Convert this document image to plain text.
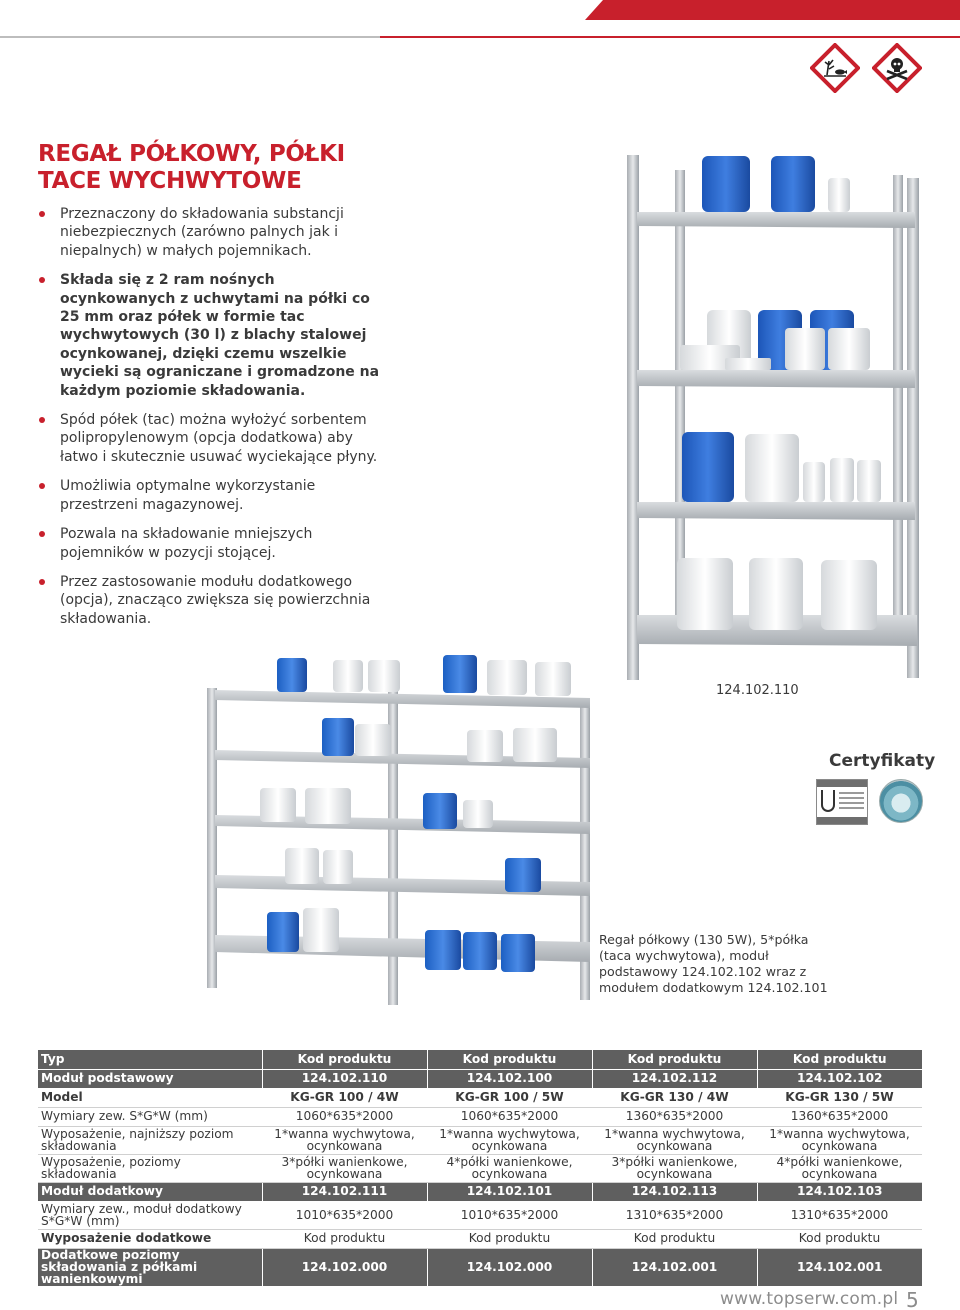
REGAŁ PÓŁKOWY, PÓŁKI
TACE WYCHWYTOWE
Przeznaczony do składowania substancji niebezpiecznych (zarówno palnych jak i niepalnych) w małych pojemnikach.
Składa się z 2 ram nośnych ocynkowanych z uchwytami na półki co 25 mm oraz półek w formie tac wychwytowych (30 l) z blachy stalowej ocynkowanej, dzięki czemu wszelkie wycieki są ograniczane i gromadzone na każdym poziomie składowania.
Spód półek (tac) można wyłożyć sorbentem polipropylenowym (opcja dodatkowa) aby łatwo i skutecznie usuwać wyciekające płyny.
Umożliwia optymalne wykorzystanie przestrzeni magazynowej.
Pozwala na składowanie mniejszych pojemników w pozycji stojącej.
Przez zastosowanie modułu dodatkowego (opcja), znacząco zwiększa się powierzchnia składowania.
124.102.110
Certyfikaty
Regał półkowy (130 5W), 5*półka (taca wychwytowa), moduł podstawowy 124.102.102 wraz z modułem dodatkowym 124.102.101
Typ	Kod produktu	Kod produktu	Kod produktu	Kod produktu
Moduł podstawowy	124.102.110	124.102.100	124.102.112	124.102.102
Model	KG-GR 100 / 4W	KG-GR 100 / 5W	KG-GR 130 / 4W	KG-GR 130 / 5W
Wymiary zew. S*G*W (mm)	1060*635*2000	1060*635*2000	1360*635*2000	1360*635*2000
Wyposażenie, najniższy poziom składowania	1*wanna wychwytowa, ocynkowana	1*wanna wychwytowa, ocynkowana	1*wanna wychwytowa, ocynkowana	1*wanna wychwytowa, ocynkowana
Wyposażenie, poziomy składowania	3*półki wanienkowe, ocynkowana	4*półki wanienkowe, ocynkowana	3*półki wanienkowe, ocynkowana	4*półki wanienkowe, ocynkowana
Moduł dodatkowy	124.102.111	124.102.101	124.102.113	124.102.103
Wymiary zew., moduł dodatkowy S*G*W (mm)	1010*635*2000	1010*635*2000	1310*635*2000	1310*635*2000
Wyposażenie dodatkowe	Kod produktu	Kod produktu	Kod produktu	Kod produktu
Dodatkowe poziomy składowania z półkami wanienkowymi	124.102.000	124.102.000	124.102.001	124.102.001
www.topserw.com.pl 5
